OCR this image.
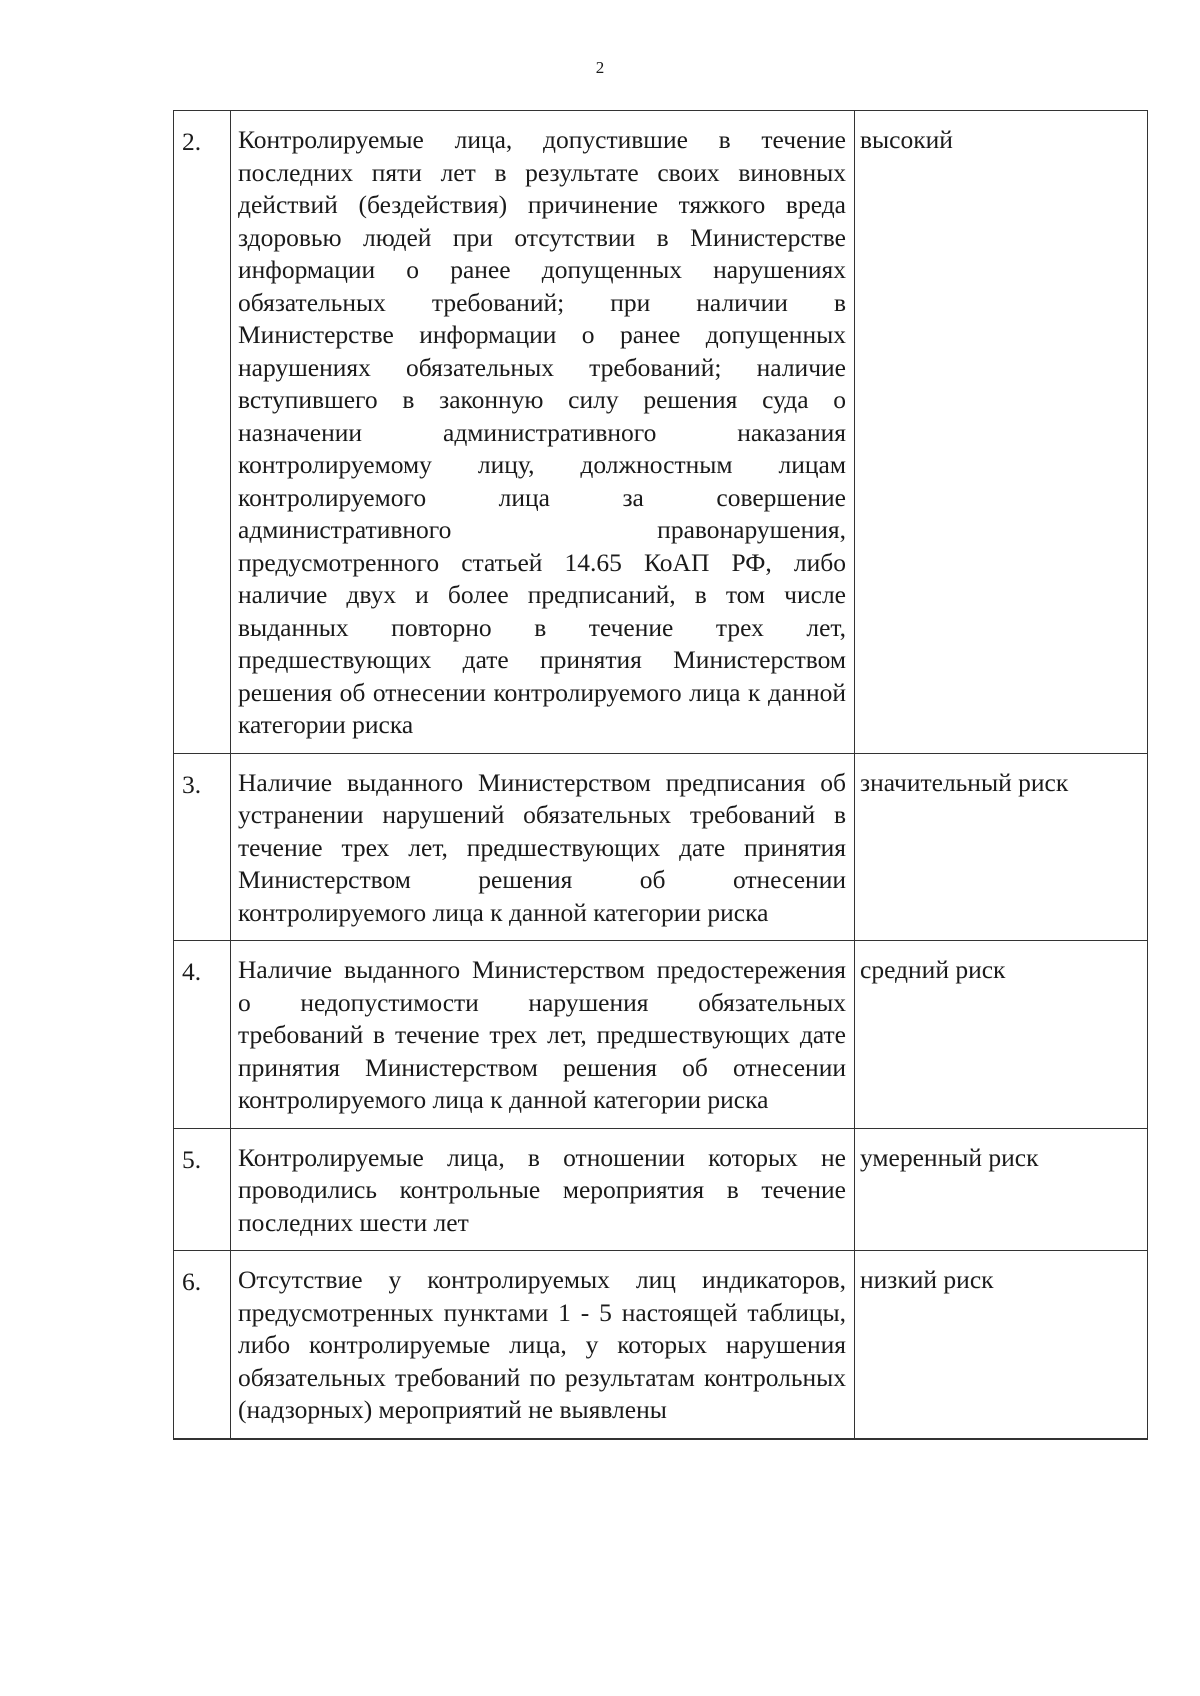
2
2.	Контролируемые лица, допустившие в течение последних пяти лет в результате своих виновных действий (бездействия) причинение тяжкого вреда здоровью людей при отсутствии в Министерстве информации о ранее допущенных нарушениях обязательных требований; при наличии в Министерстве информации о ранее допущенных нарушениях обязательных требований; наличие вступившего в законную силу решения суда о назначении административного наказания контролируемому лицу, должностным лицам контролируемого лица за совершение административного правонарушения, предусмотренного статьей 14.65 КоАП РФ, либо наличие двух и более предписаний, в том числе выданных повторно в течение трех лет, предшествующих дате принятия Министерством решения об отнесении контролируемого лица к данной категории риска	высокий
3.	Наличие выданного Министерством предписания об устранении нарушений обязательных требований в течение трех лет, предшествующих дате принятия Министерством решения об отнесении контролируемого лица к данной категории риска	значительный риск
4.	Наличие выданного Министерством предостережения о недопустимости нарушения обязательных требований в течение трех лет, предшествующих дате принятия Министерством решения об отнесении контролируемого лица к данной категории риска	средний риск
5.	Контролируемые лица, в отношении которых не проводились контрольные мероприятия в течение последних шести лет	умеренный риск
6.	Отсутствие у контролируемых лиц индикаторов, предусмотренных пунктами 1 - 5 настоящей таблицы, либо контролируемые лица, у которых нарушения обязательных требований по результатам контрольных (надзорных) мероприятий не выявлены	низкий риск
